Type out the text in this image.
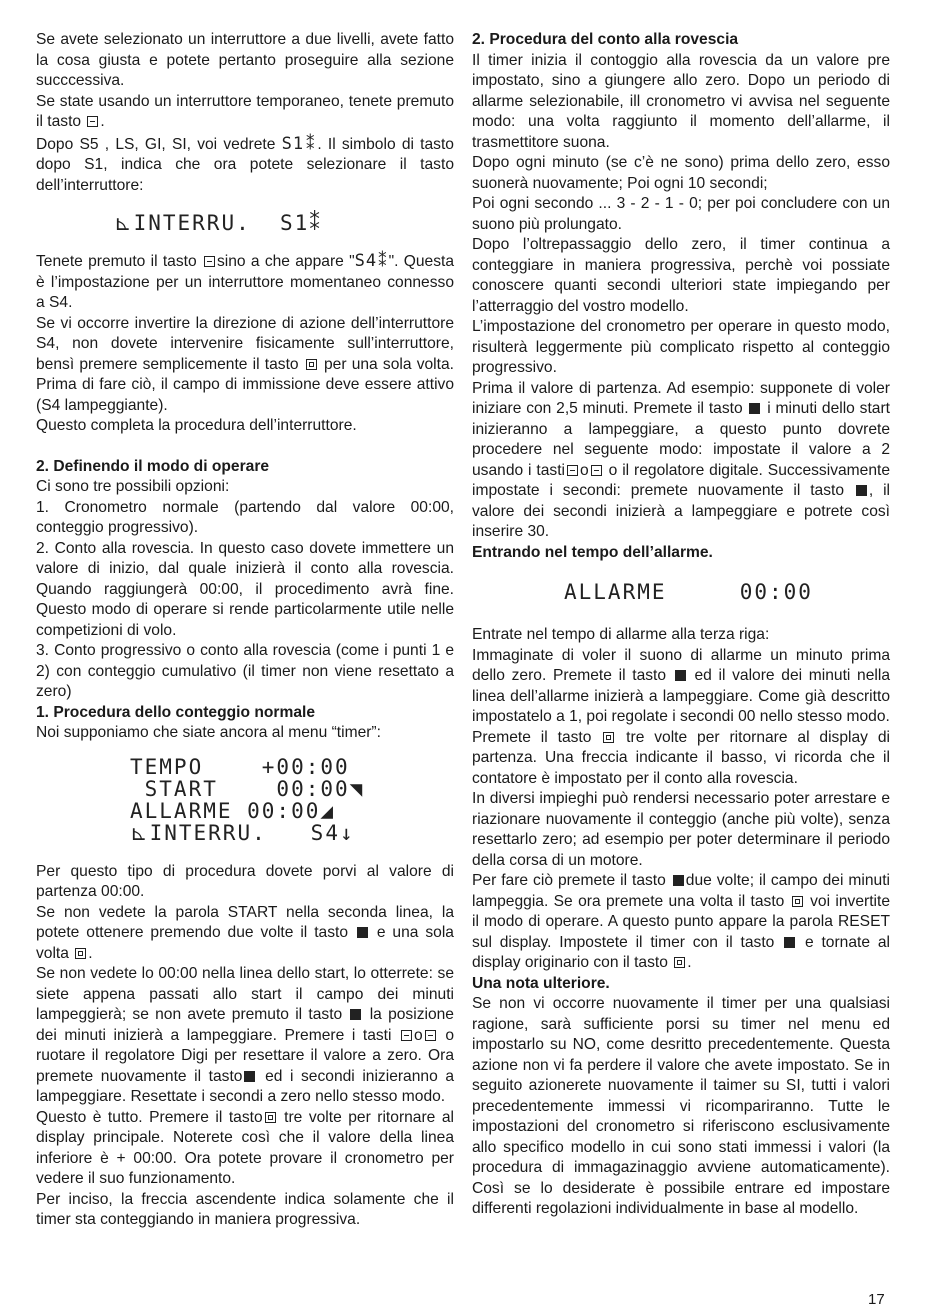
Se avete selezionato un interruttore a due livelli, avete fatto la cosa giusta e potete pertanto proseguire alla sezione succcessiva.

Se state usando un interruttore temporaneo, tenete premuto il tasto .

Dopo S5 , LS, GI, SI, voi vedrete S1⁑. Il simbolo di tasto dopo S1, indica che ora potete selezionare il tasto dell’interruttore:

⊾INTERRU.  S1⁑

Tenete premuto il tasto sino a che appare "S4⁑". Questa è l’impostazione per un interruttore momentaneo connesso a S4.

Se vi occorre invertire la direzione di azione dell’interruttore S4, non dovete intervenire fisicamente sull’interruttore, bensì premere semplicemente il tasto per una sola volta. Prima di fare ciò, il campo di immissione deve essere attivo (S4 lampeggiante).

Questo completa la procedura dell’interruttore.

2. Definendo il modo di operare

Ci sono tre possibili opzioni:

1. Cronometro normale (partendo dal valore 00:00, conteggio progressivo).

2. Conto alla rovescia. In questo caso dovete immettere un valore di inizio, dal quale inizierà il conto alla rovescia. Quando raggiungerà 00:00, il procedimento avrà fine. Questo modo di operare si rende particolarmente utile nelle competizioni di volo.

3. Conto progressivo o conto alla rovescia (come i punti 1 e 2) con conteggio cumulativo (il timer non viene resettato a zero)

1. Procedura dello conteggio normale

Noi supponiamo che siate ancora al menu “timer”:

TEMPO    +00:00
START    00:00◥
ALLARME 00:00◢
⊾INTERRU.   S4↓

Per questo tipo di procedura dovete porvi al valore di partenza 00:00.

Se non vedete la parola START nella seconda linea, la potete ottenere premendo due volte il tasto e una sola volta .

Se non vedete lo 00:00 nella linea dello start, lo otterrete: se siete appena passati allo start il campo dei minuti lampeggierà; se non avete premuto il tasto la posizione dei minuti inizierà a lampeggiare. Premere i tasti o o ruotare il regolatore Digi per resettare il valore a zero. Ora premete nuovamente il tasto ed i secondi inizieranno a lampeggiare. Resettate i secondi a zero nello stesso modo.

Questo è tutto. Premere il tasto tre volte per ritornare al display principale. Noterete così che il valore della linea inferiore è + 00:00. Ora potete provare il cronometro per vedere il suo funzionamento.

Per inciso, la freccia ascendente indica solamente che il timer sta conteggiando in maniera progressiva.

2. Procedura del conto alla rovescia

Il timer inizia il contoggio alla rovescia da un valore pre impostato, sino a giungere allo zero. Dopo un periodo di allarme selezionabile, ill cronometro vi avvisa nel seguente modo: una volta raggiunto il momento dell’allarme, il trasmettitore suona.

Dopo ogni minuto (se c’è ne sono) prima dello zero, esso suonerà nuovamente; Poi ogni 10 secondi;

Poi ogni secondo ... 3 - 2 - 1 - 0; per poi concludere con un suono più prolungato.

Dopo l’oltrepassaggio dello zero, il timer continua a conteggiare in maniera progressiva, perchè voi possiate conoscere quanti secondi ulteriori state impiegando per l’atterraggio del vostro modello.

L’impostazione del cronometro per operare in questo modo, risulterà leggermente più complicato rispetto al conteggio progressivo.

Prima il valore di partenza. Ad esempio: supponete di voler iniziare con 2,5 minuti. Premete il tasto i minuti dello start inizieranno a lampeggiare, a questo punto dovrete procedere nel seguente modo: impostate il valore a 2 usando i tasti o o il regolatore digitale. Successivamente impostate i secondi: premete nuovamente il tasto , il valore dei secondi inizierà a lampeggiare e potrete così inserire 30.

Entrando nel tempo dell’allarme.
ALLARME     00:00

Entrate nel tempo di allarme alla terza riga:

Immaginate di voler il suono di allarme un minuto prima dello zero. Premete il tasto ed il valore dei minuti nella linea dell’allarme inizierà a lampeggiare. Come già descritto impostatelo a 1, poi regolate i secondi 00 nello stesso modo.

Premete il tasto tre volte per ritornare al display di partenza. Una freccia indicante il basso, vi ricorda che il contatore è impostato per il conto alla rovescia.

In diversi impieghi può rendersi necessario poter arrestare e riazionare nuovamente il conteggio (anche più volte), senza resettarlo zero; ad esempio per poter determinare il periodo della corsa di un motore.

Per fare ciò premete il tasto due volte; il campo dei minuti lampeggia. Se ora premete una volta il tasto voi invertite il modo di operare. A questo punto appare la parola RESET sul display. Impostete il timer con il tasto e tornate al display originario con il tasto .

Una nota ulteriore.

Se non vi occorre nuovamente il timer per una qualsiasi ragione, sarà sufficiente porsi su timer nel menu ed impostarlo su NO, come desritto precedentemente. Questa azione non vi fa perdere il valore che avete impostato. Se in seguito azionerete nuovamente il taimer su SI, tutti i valori precedentemente immessi vi ricompariranno. Tutte le impostazioni del cronometro si riferiscono esclusivamente allo specifico modello in cui sono stati immessi i valori (la procedura di immagazinaggio avviene automaticamente). Così se lo desiderate è possibile entrare ed impostare differenti regolazioni individualmente in base al modello.

17
